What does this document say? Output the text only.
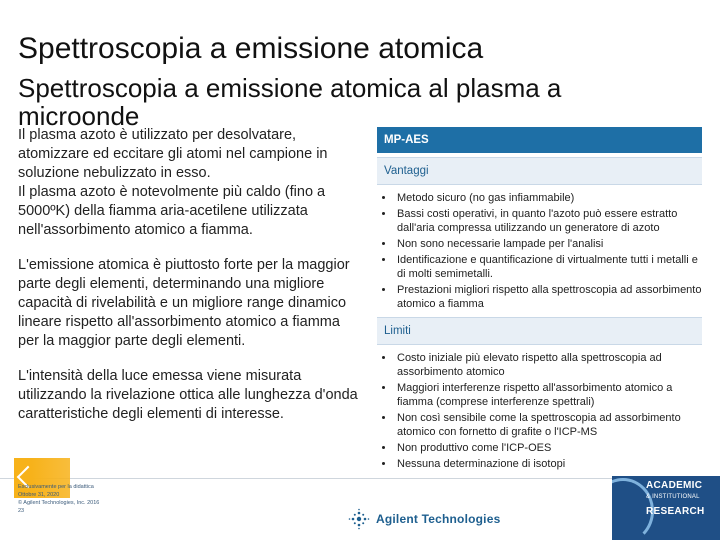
Spettroscopia a emissione atomica
Spettroscopia a emissione atomica al plasma a microonde

Il plasma azoto è utilizzato per desolvatare, atomizzare ed eccitare gli atomi nel campione in soluzione nebulizzato in esso.

Il plasma azoto è notevolmente più caldo (fino a 5000ºK) della fiamma aria-acetilene utilizzata nell'assorbimento atomico a fiamma.

L'emissione atomica è piuttosto forte per la maggior parte degli elementi, determinando una migliore capacità di rivelabilità e un migliore range dinamico lineare rispetto all'assorbimento atomico a fiamma per la maggior parte degli elementi.

L'intensità della luce emessa viene misurata utilizzando la rivelazione ottica alle lunghezza d'onda caratteristiche degli elementi di interesse.

MP-AES
Vantaggi
• Metodo sicuro (no gas infiammabile)
• Bassi costi operativi, in quanto l'azoto può essere estratto dall'aria compressa utilizzando un generatore di azoto
• Non sono necessarie lampade per l'analisi
• Identificazione e quantificazione di virtualmente tutti i metalli e di molti semimetalli.
• Prestazioni migliori rispetto alla spettroscopia ad assorbimento atomico a fiamma
Limiti
• Costo iniziale più elevato rispetto alla spettroscopia ad assorbimento atomico
• Maggiori interferenze rispetto all'assorbimento atomico a fiamma (comprese interferenze spettrali)
• Non così sensibile come la spettroscopia ad assorbimento atomico con fornetto di grafite o l'ICP-MS
• Non produttivo come l'ICP-OES
• Nessuna determinazione di isotopi
Esclusivamente per la didattica
Ottobre 31, 2020
© Agilent Technologies, Inc. 2016
23
Agilent Technologies
ACADEMIC
& INSTITUTIONAL
RESEARCH
